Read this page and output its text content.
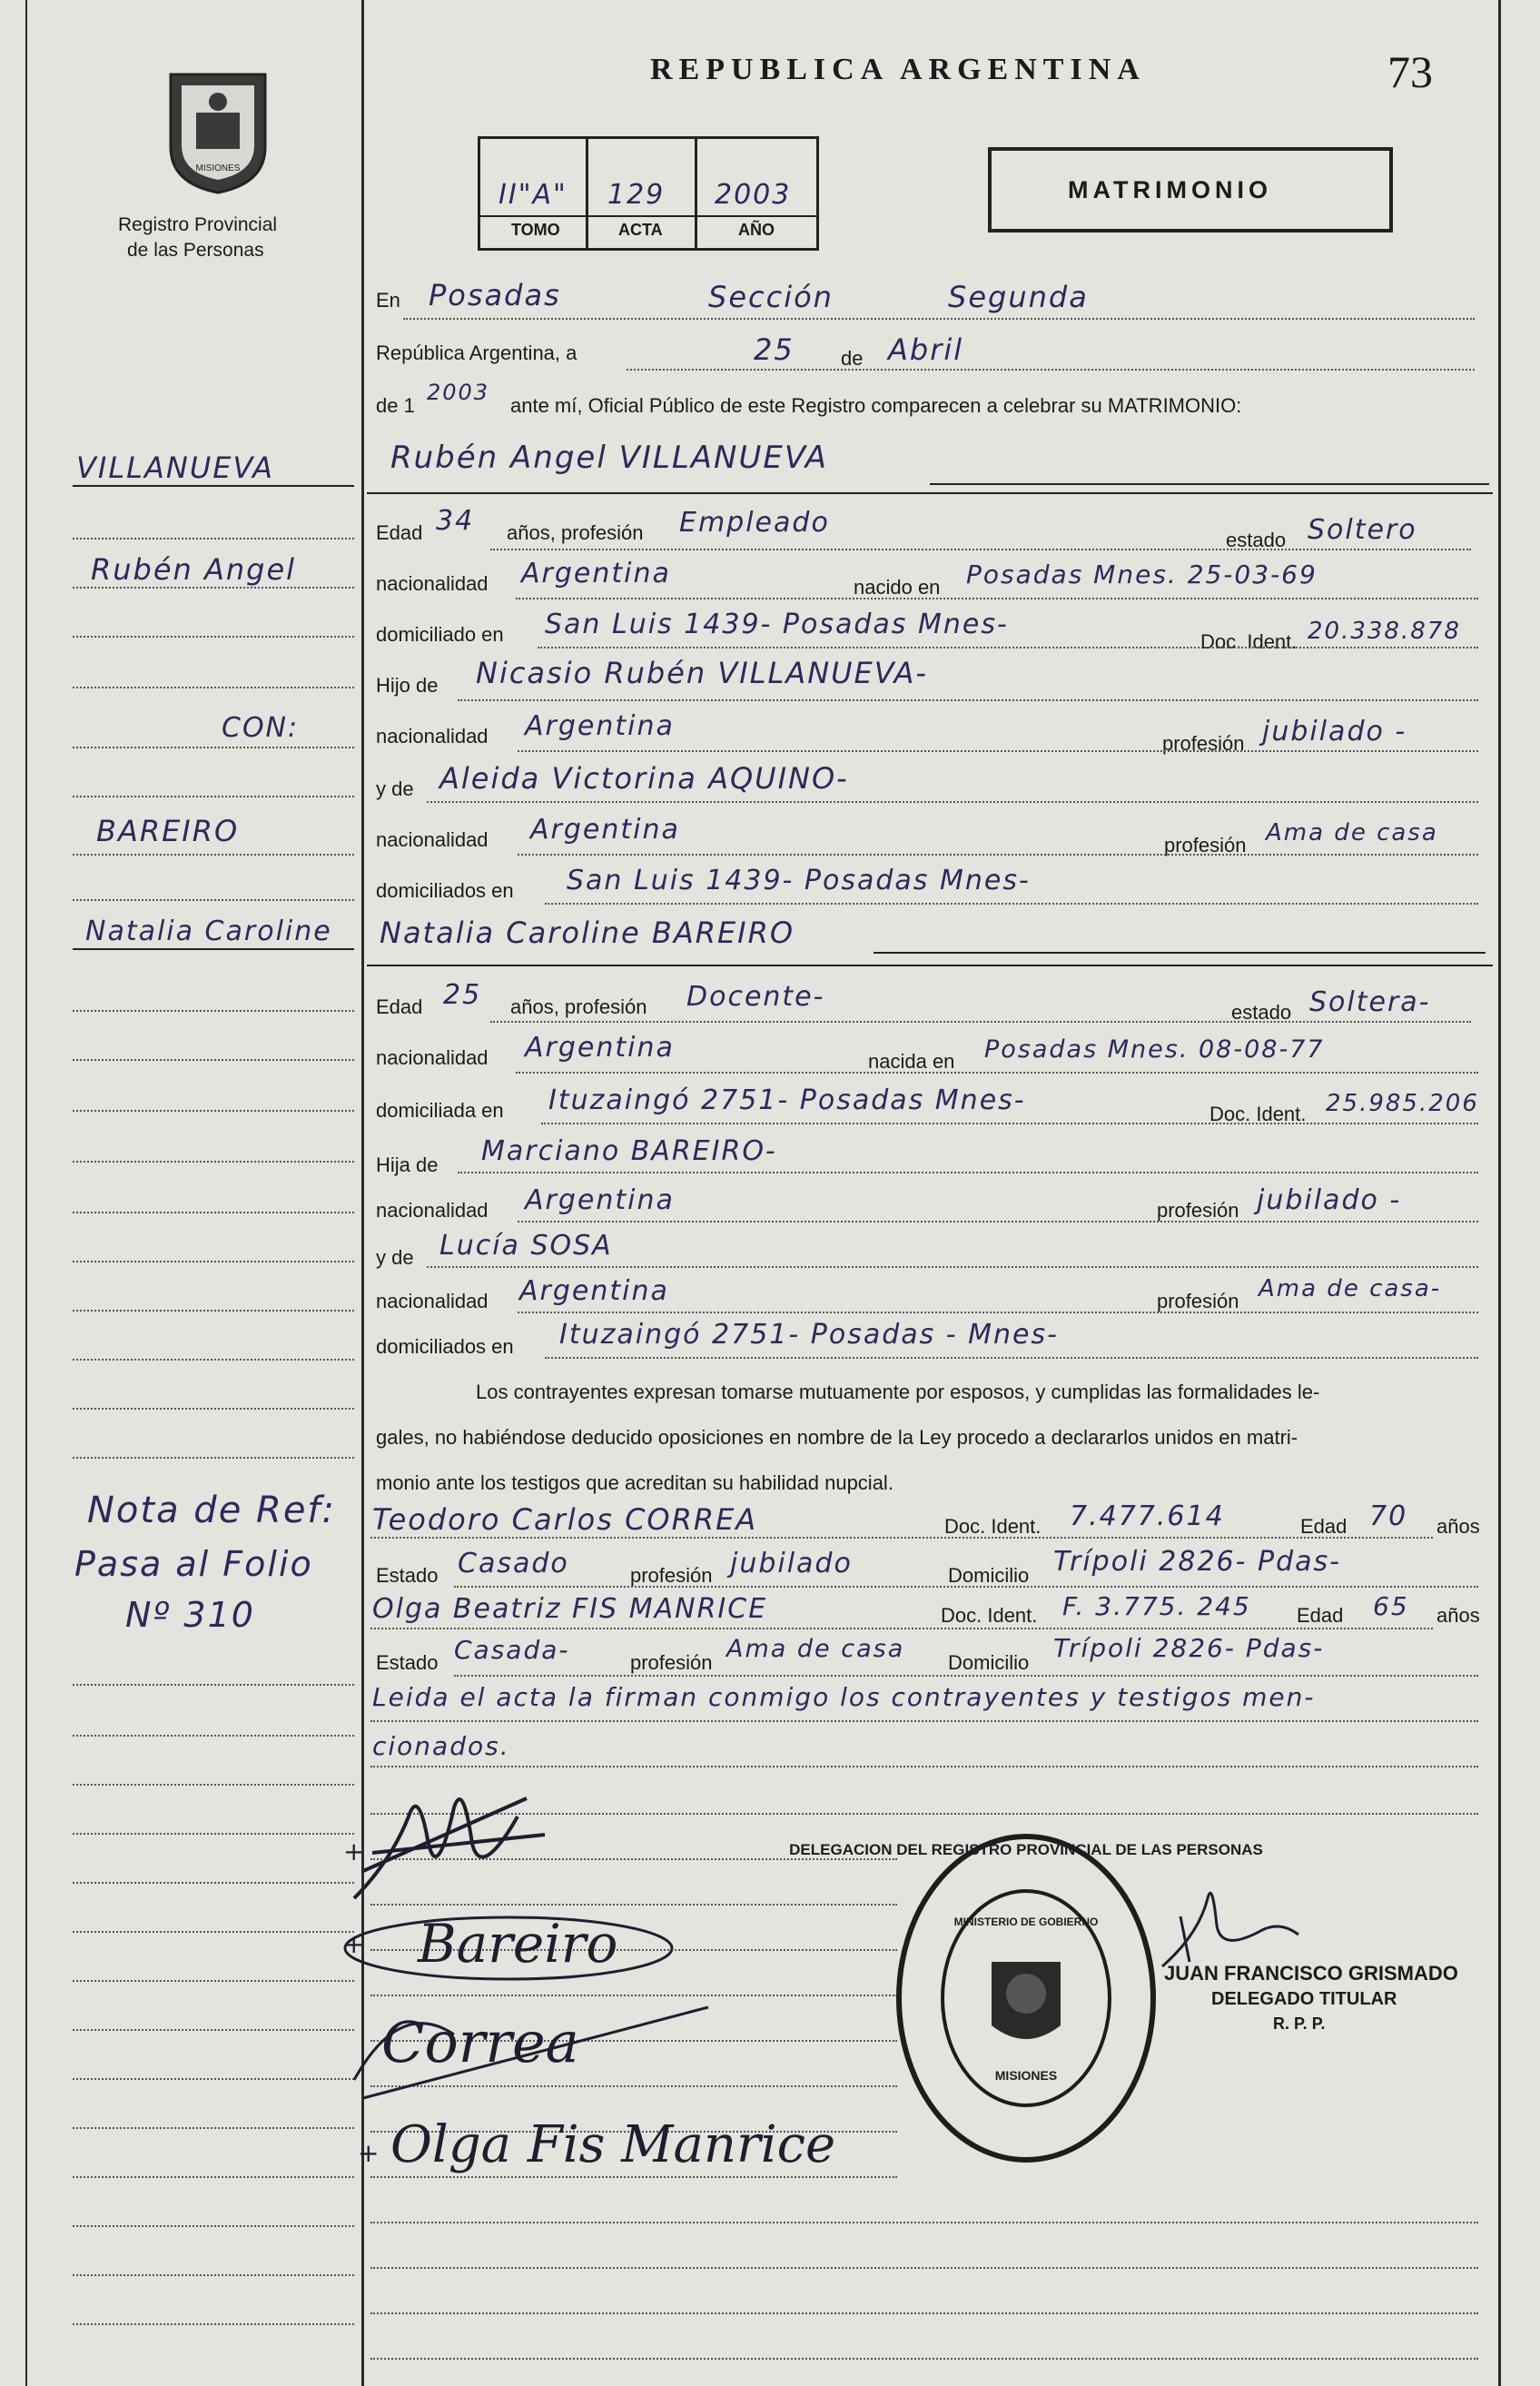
MISIONES
Registro Provincial
de las Personas
REPUBLICA ARGENTINA	73
II"A" 129 2003
TOMO	ACTA	AÑO
MATRIMONIO
En Posadas	Sección	Segunda
República Argentina, a	25 de Abril
de 1
2003
ante mí, Oficial Público de este Registro comparecen a celebrar su MATRIMONIO:
Rubén Angel VILLANUEVA
Edad 34 años, profesión Empleado
estado Soltero
nacionalidad Argentina	nacido en Posadas Mnes. 25-03-69
domiciliado en San Luis 1439- Posadas Mnes-
Doc. Ident. 20.338.878
Hijo de Nicasio Rubén VILLANUEVA-
nacionalidad Argentina
profesión jubilado -
y de Aleida Victorina AQUINO-
nacionalidad Argentina	profesión Ama de casa
domiciliados en San Luis 1439- Posadas Mnes-
Natalia Caroline BAREIRO
Edad 25 años, profesión Docente-	estado Soltera-
nacionalidad Argentina	nacida en Posadas Mnes. 08-08-77
domiciliada en Ituzaingó 2751- Posadas Mnes-	Doc. Ident. 25.985.206
Hija de Marciano BAREIRO-
nacionalidad Argentina	profesión jubilado -
y de Lucía SOSA
nacionalidad Argentina	profesión Ama de casa-
domiciliados en Ituzaingó 2751- Posadas - Mnes-
Los contrayentes expresan tomarse mutuamente por esposos, y cumplidas las formalidades le-
gales, no habiéndose deducido oposiciones en nombre de la Ley procedo a declararlos unidos en matri-
monio ante los testigos que acreditan su habilidad nupcial.
Teodoro Carlos CORREA	Doc. Ident. 7.477.614	Edad 70 años
Estado Casado	profesión jubilado	Domicilio Trípoli 2826- Pdas-
Olga Beatriz FIS MANRICE	Doc. Ident. F. 3.775. 245 Edad 65 años
Estado Casada-	profesión Ama de casa Domicilio Trípoli 2826- Pdas-
Leida el acta la firman conmigo los contrayentes y testigos men-
cionados.
VILLANUEVA
Rubén Angel
CON:
BAREIRO
Natalia Caroline
Nota de Ref:
Pasa al Folio
Nº 310
+
+ Bareiro
Correa
+ Olga Fis Manrice
DELEGACION DEL REGISTRO PROVINCIAL DE LAS PERSONAS
MINISTERIO DE GOBIERNO
MISIONES
JUAN FRANCISCO GRISMADO
DELEGADO TITULAR
R. P. P.
